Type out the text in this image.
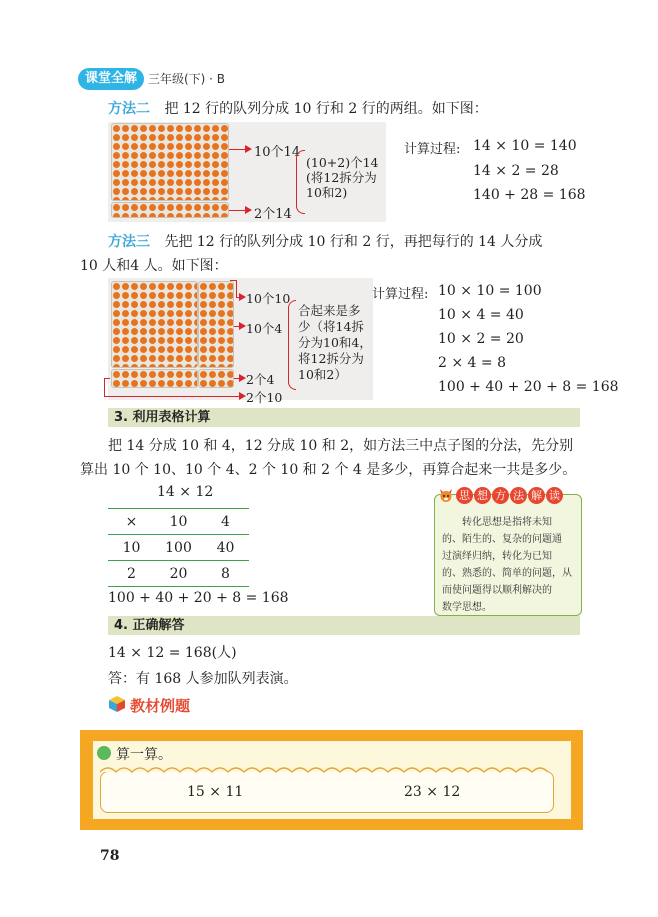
课堂全解 三年级(下) · B
方法二 把 12 行的队列分成 10 行和 2 行的两组。如下图：
10个14
2个14
(10+2)个14
(将12拆分为
10和2)
计算过程: 14 × 10 = 140
14 × 2 = 28
140 + 28 = 168
方法三 先把 12 行的队列分成 10 行和 2 行，再把每行的 14 人分成
10 人和4 人。如下图：
10个10
10个4
2个4
2个10
合起来是多
少（将14拆
分为10和4，
将12拆分为
10和2）
计算过程: 10 × 10 = 100
10 × 4 = 40
10 × 2 = 20
2 × 4 = 8
100 + 40 + 20 + 8 = 168
3. 利用表格计算
把 14 分成 10 和 4，12 分成 10 和 2，如方法三中点子图的分法，先分别
算出 10 个 10、10 个 4、2 个 10 和 2 个 4 是多少，再算合起来一共是多少。
14 × 12
×	10	4
10	100	40
2	20	8
100 + 40 + 20 + 8 = 168
思 想 方 法 解 读
转化思想是指将未知
的、陌生的、复杂的问题通
过演绎归纳，转化为已知
的、熟悉的、简单的问题，从
而使问题得以顺利解决的
数学思想。
4. 正确解答
14 × 12 = 168(人)
答：有 168 人参加队列表演。
教材例题
算一算。
15 × 11	23 × 12
78
